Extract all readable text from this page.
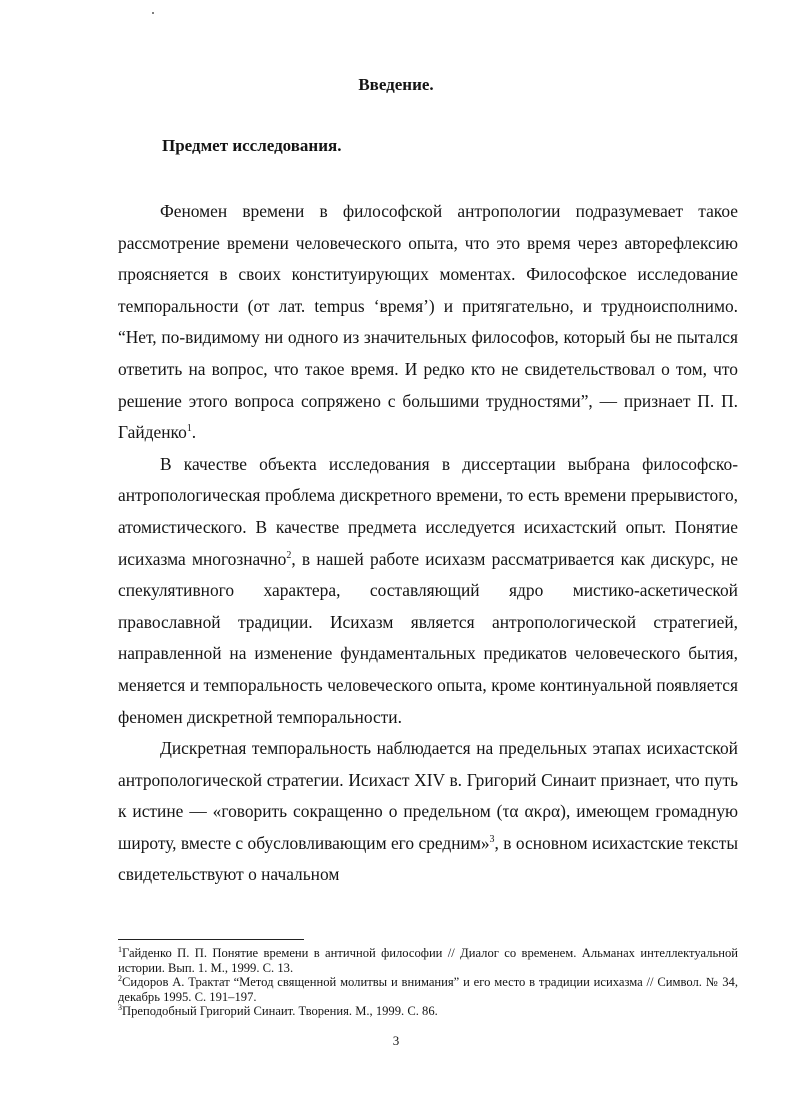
Введение.
Предмет исследования.

Феномен времени в философской антропологии подразумевает такое рассмотрение времени человеческого опыта, что это время через авторефлексию проясняется в своих конституирующих моментах. Философское исследование темпоральности (от лат. tempus ‘время’) и притягательно, и трудноисполнимо. “Нет, по-видимому ни одного из значительных философов, который бы не пытался ответить на вопрос, что такое время. И редко кто не свидетельствовал о том, что решение этого вопроса сопряжено с большими трудностями”, — признает П. П. Гайденко$^1$.

В качестве объекта исследования в диссертации выбрана философско-антропологическая проблема дискретного времени, то есть времени прерывистого, атомистического. В качестве предмета исследуется исихастский опыт. Понятие исихазма многозначно$^2$, в нашей работе исихазм рассматривается как дискурс, не спекулятивного характера, составляющий ядро мистико-аскетической православной традиции. Исихазм является антропологической стратегией, направленной на изменение фундаментальных предикатов человеческого бытия, меняется и темпоральность человеческого опыта, кроме континуальной появляется феномен дискретной темпоральности.

Дискретная темпоральность наблюдается на предельных этапах исихастской антропологической стратегии. Исихаст XIV в. Григорий Синаит признает, что путь к истине — «говорить сокращенно о предельном (τα ακρα), имеющем громадную широту, вместе с обусловливающим его средним»$^3$, в основном исихастские тексты свидетельствуют о начальном

$^1$Гайденко П. П. Понятие времени в античной философии // Диалог со временем. Альманах интеллектуальной истории. Вып. 1. М., 1999. С. 13.

$^2$Сидоров А. Трактат “Метод священной молитвы и внимания” и его место в традиции исихазма // Символ. № 34, декабрь 1995. С. 191–197.

$^3$Преподобный Григорий Синаит. Творения. М., 1999. С. 86.

3
